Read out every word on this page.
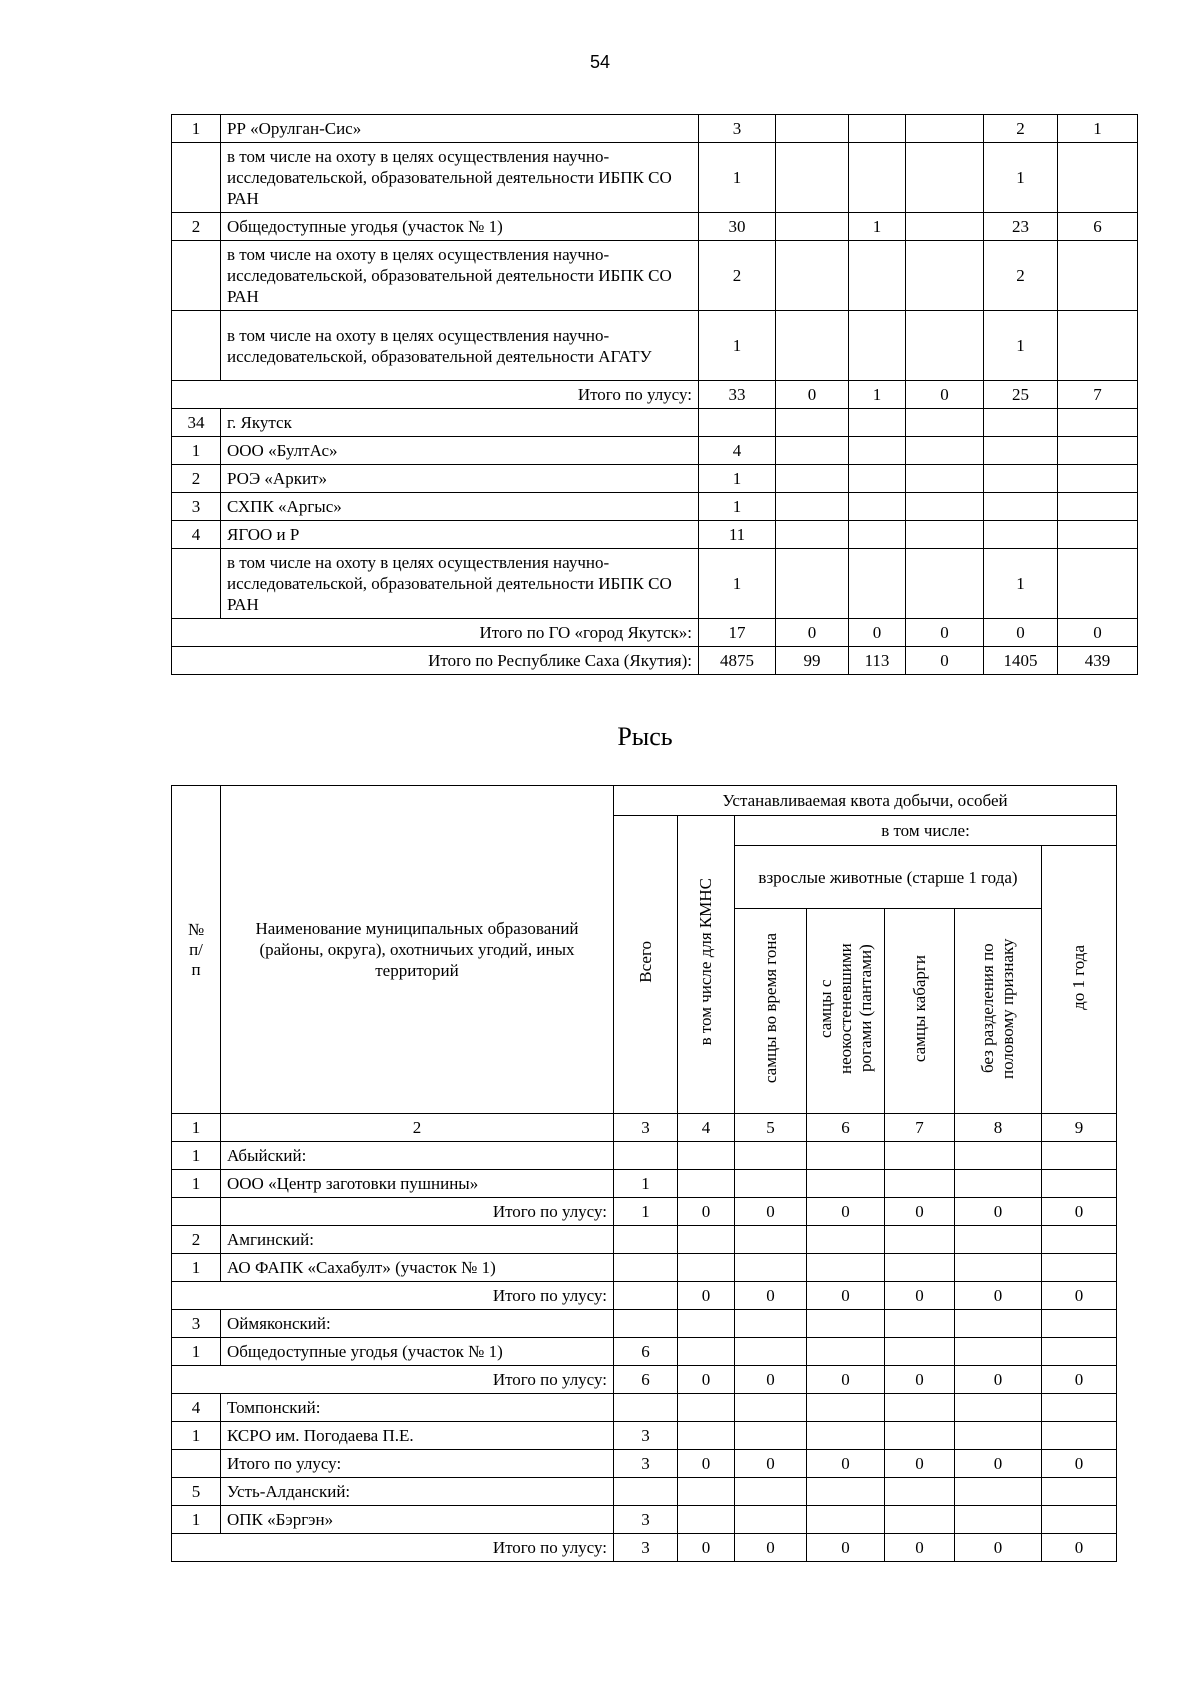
54
1	РР «Орулган-Сис»	3				2	1
	в том числе на охоту в целях осуществления научно-исследовательской, образовательной деятельности ИБПК СО РАН	1				1	
2	Общедоступные угодья (участок № 1)	30		1		23	6
	в том числе на охоту в целях осуществления научно-исследовательской, образовательной деятельности ИБПК СО РАН	2				2	
	в том числе на охоту в целях осуществления научно-исследовательской, образовательной деятельности АГАТУ	1				1	
Итого по улусу:		33	0	1	0	25	7
34	г. Якутск						
1	ООО «БултАс»	4					
2	РОЭ «Аркит»	1					
3	СХПК «Аргыс»	1					
4	ЯГОО и Р	11					
	в том числе на охоту в целях осуществления научно-исследовательской, образовательной деятельности ИБПК СО РАН	1				1	
Итого по ГО «город Якутск»:		17	0	0	0	0	0
Итого по Республике Саха (Якутия):		4875	99	113	0	1405	439
Рысь
№ п/п	Наименование муниципальных образований (районы, округа), охотничьих угодий, иных территорий	Устанавливаемая квота добычи, особей						
		Всего	в том числе для КМНС	в том числе:				
				взрослые животные (старше 1 года)				до 1 года
				самцы во время гона	самцы с неокостеневшими рогами (пантами)	самцы кабарги	без разделения по половому признаку	
1	2	3	4	5	6	7	8	9
1	Абыйский:							
1	ООО «Центр заготовки пушнины»	1						
	Итого по улусу:	1	0	0	0	0	0	0
2	Амгинский:							
1	АО ФАПК «Сахабулт» (участок № 1)							
Итого по улусу:			0	0	0	0	0	0
3	Оймяконский:							
1	Общедоступные угодья (участок № 1)	6						
Итого по улусу:		6	0	0	0	0	0	0
4	Томпонский:							
1	КСРО им. Погодаева П.Е.	3						
	Итого по улусу:	3	0	0	0	0	0	0
5	Усть-Алданский:							
1	ОПК «Бэргэн»	3						
Итого по улусу:		3	0	0	0	0	0	0
